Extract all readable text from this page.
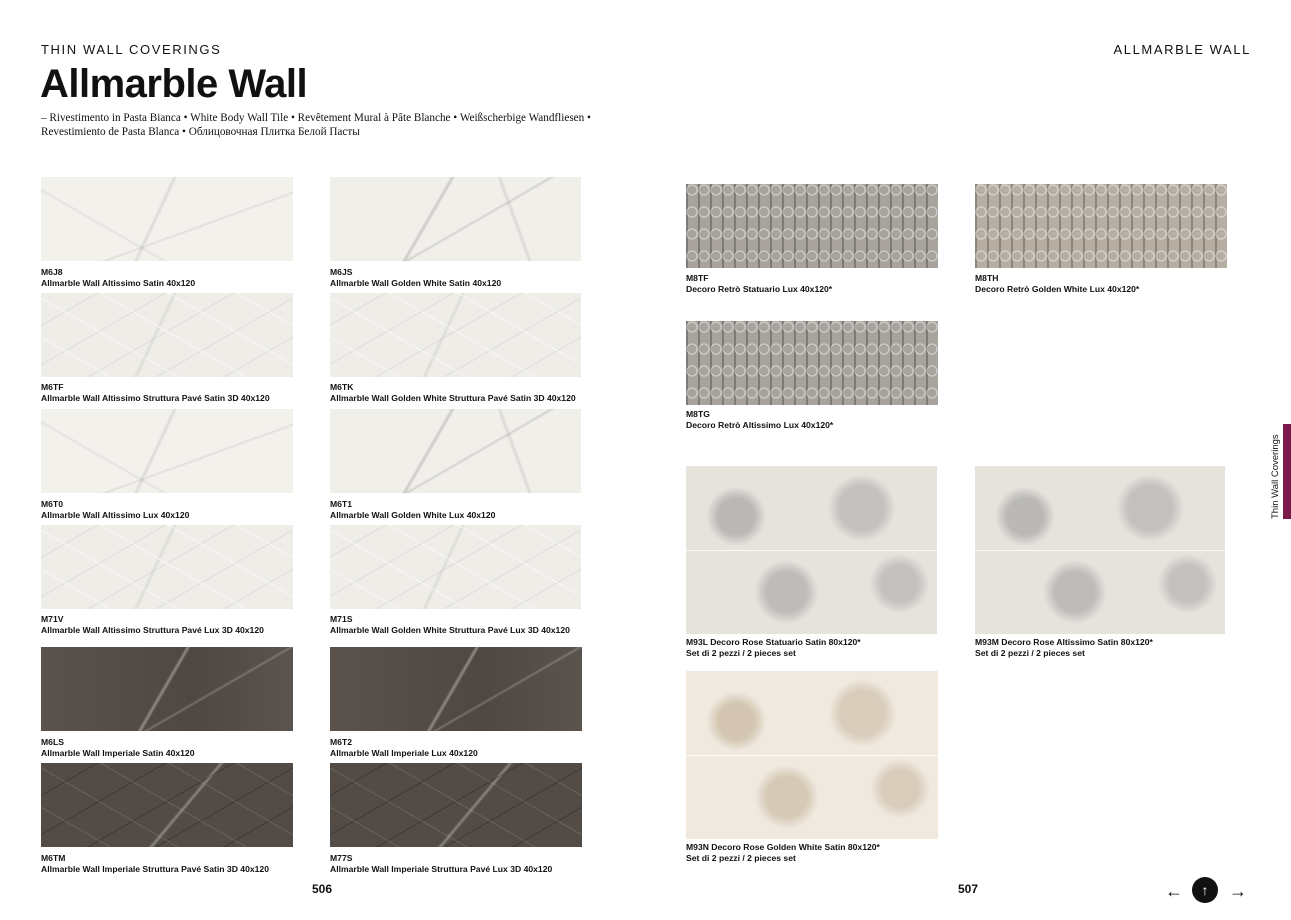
THIN WALL COVERINGS	ALLMARBLE WALL
Allmarble Wall
– Rivestimento in Pasta Bianca • White Body Wall Tile • Revêtement Mural à Pâte Blanche • Weißscherbige Wandfliesen • Revestimiento de Pasta Blanca • Облицовочная Плитка Белой Пасты
M6J8
Allmarble Wall Altissimo Satin 40x120
M6JS
Allmarble Wall Golden White Satin 40x120
M6TF
Allmarble Wall Altissimo Struttura Pavé Satin 3D 40x120
M6TK
Allmarble Wall Golden White Struttura Pavé Satin 3D 40x120
M6T0
Allmarble Wall Altissimo Lux 40x120
M6T1
Allmarble Wall Golden White Lux 40x120
M71V
Allmarble Wall Altissimo Struttura Pavé Lux 3D 40x120
M71S
Allmarble Wall Golden White Struttura Pavé Lux 3D 40x120
M6LS
Allmarble Wall Imperiale Satin 40x120
M6T2
Allmarble Wall Imperiale Lux 40x120
M6TM
Allmarble Wall Imperiale Struttura Pavé Satin 3D 40x120
M77S
Allmarble Wall Imperiale Struttura Pavé Lux 3D 40x120
506
M8TF
Decoro Retrò Statuario Lux 40x120*
M8TH
Decoro Retrò Golden White Lux 40x120*
M8TG
Decoro Retrò Altissimo Lux 40x120*
M93L Decoro Rose Statuario Satin 80x120*
Set di 2 pezzi / 2 pieces set
M93M Decoro Rose Altissimo Satin 80x120*
Set di 2 pezzi / 2 pieces set
M93N Decoro Rose Golden White Satin 80x120*
Set di 2 pezzi / 2 pieces set
507
Thin Wall Coverings
←	↑	→
